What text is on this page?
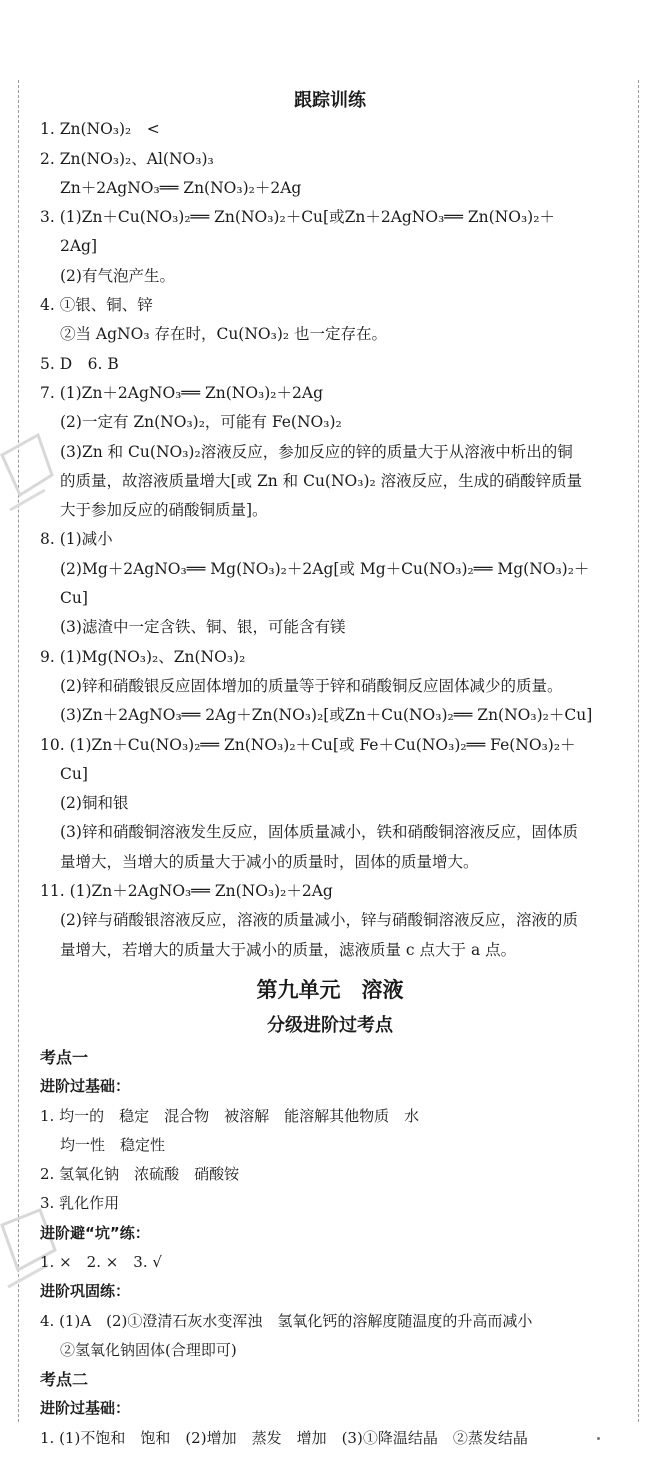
跟踪训练
1. Zn(NO₃)₂　<
2. Zn(NO₃)₂、Al(NO₃)₃
Zn＋2AgNO₃══ Zn(NO₃)₂＋2Ag
3. (1)Zn＋Cu(NO₃)₂══ Zn(NO₃)₂＋Cu[或Zn＋2AgNO₃══ Zn(NO₃)₂＋
2Ag]
(2)有气泡产生。
4. ①银、铜、锌
②当 AgNO₃ 存在时，Cu(NO₃)₂ 也一定存在。
5. D　6. B
7. (1)Zn＋2AgNO₃══ Zn(NO₃)₂＋2Ag
(2)一定有 Zn(NO₃)₂，可能有 Fe(NO₃)₂
(3)Zn 和 Cu(NO₃)₂溶液反应，参加反应的锌的质量大于从溶液中析出的铜
的质量，故溶液质量增大[或 Zn 和 Cu(NO₃)₂ 溶液反应，生成的硝酸锌质量
大于参加反应的硝酸铜质量]。
8. (1)减小
(2)Mg＋2AgNO₃══ Mg(NO₃)₂＋2Ag[或 Mg＋Cu(NO₃)₂══ Mg(NO₃)₂＋
Cu]
(3)滤渣中一定含铁、铜、银，可能含有镁
9. (1)Mg(NO₃)₂、Zn(NO₃)₂
(2)锌和硝酸银反应固体增加的质量等于锌和硝酸铜反应固体减少的质量。
(3)Zn＋2AgNO₃══ 2Ag＋Zn(NO₃)₂[或Zn＋Cu(NO₃)₂══ Zn(NO₃)₂＋Cu]
10. (1)Zn＋Cu(NO₃)₂══ Zn(NO₃)₂＋Cu[或 Fe＋Cu(NO₃)₂══ Fe(NO₃)₂＋
Cu]
(2)铜和银
(3)锌和硝酸铜溶液发生反应，固体质量减小，铁和硝酸铜溶液反应，固体质
量增大，当增大的质量大于减小的质量时，固体的质量增大。
11. (1)Zn＋2AgNO₃══ Zn(NO₃)₂＋2Ag
(2)锌与硝酸银溶液反应，溶液的质量减小，锌与硝酸铜溶液反应，溶液的质
量增大，若增大的质量大于减小的质量，滤液质量 c 点大于 a 点。
第九单元　溶液
分级进阶过考点
考点一
进阶过基础：
1. 均一的　稳定　混合物　被溶解　能溶解其他物质　水
均一性　稳定性
2. 氢氧化钠　浓硫酸　硝酸铵
3. 乳化作用
进阶避“坑”练：
1. ×　2. ×　3. √
进阶巩固练：
4. (1)A　(2)①澄清石灰水变浑浊　氢氧化钙的溶解度随温度的升高而减小
②氢氧化钠固体(合理即可)
考点二
进阶过基础：
1. (1)不饱和　饱和　(2)增加　蒸发　增加　(3)①降温结晶　②蒸发结晶
